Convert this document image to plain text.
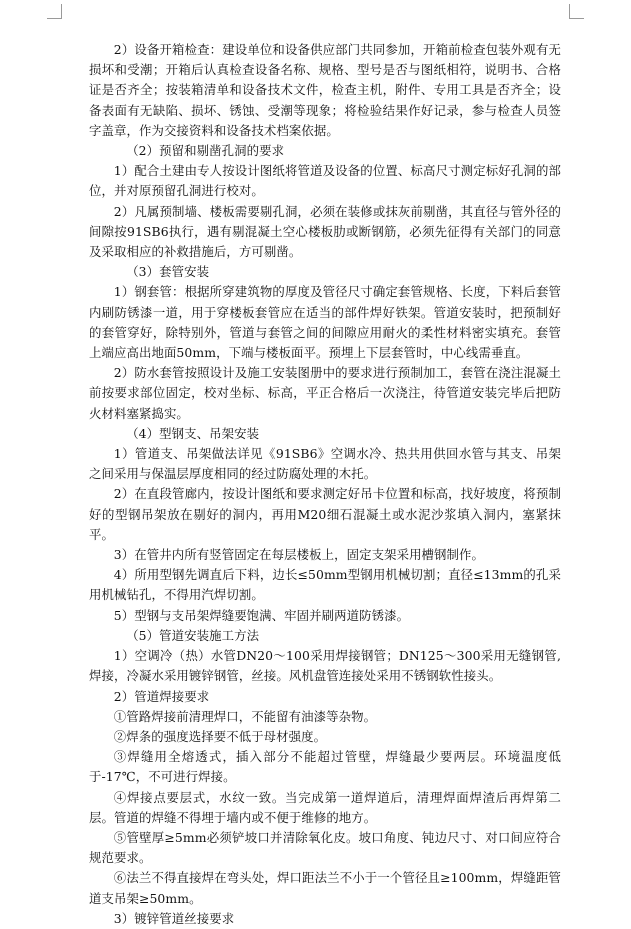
2）设备开箱检查：建设单位和设备供应部门共同参加，开箱前检查包装外观有无损坏和受潮；开箱后认真检查设备名称、规格、型号是否与图纸相符，说明书、合格证是否齐全；按装箱清单和设备技术文件，检查主机，附件、专用工具是否齐全；设备表面有无缺陷、损坏、锈蚀、受潮等现象；将检验结果作好记录，参与检查人员签字盖章，作为交接资料和设备技术档案依据。

（2）预留和剔凿孔洞的要求

1）配合土建由专人按设计图纸将管道及设备的位置、标高尺寸测定标好孔洞的部位，并对原预留孔洞进行校对。

2）凡属预制墙、楼板需要剔孔洞，必须在装修或抹灰前剔凿，其直径与管外径的间隙按91SB6执行，遇有剔混凝土空心楼板肋或断钢筋，必须先征得有关部门的同意及采取相应的补救措施后，方可剔凿。

（3）套管安装

1）钢套管：根据所穿建筑物的厚度及管径尺寸确定套管规格、长度，下料后套管内刷防锈漆一道，用于穿楼板套管应在适当的部件焊好铁架。管道安装时，把预制好的套管穿好，除特别外，管道与套管之间的间隙应用耐火的柔性材料密实填充。套管上端应高出地面50mm，下端与楼板面平。预埋上下层套管时，中心线需垂直。

2）防水套管按照设计及施工安装图册中的要求进行预制加工，套管在浇注混凝土前按要求部位固定，校对坐标、标高，平正合格后一次浇注，待管道安装完毕后把防火材料塞紧捣实。

（4）型钢支、吊架安装

1）管道支、吊架做法详见《91SB6》空调水冷、热共用供回水管与其支、吊架之间采用与保温层厚度相同的经过防腐处理的木托。

2）在直段管廊内，按设计图纸和要求测定好吊卡位置和标高，找好坡度，将预制好的型钢吊架放在剔好的洞内，再用M20细石混凝土或水泥沙浆填入洞内，塞紧抹平。

3）在管井内所有竖管固定在每层楼板上，固定支架采用槽钢制作。

4）所用型钢先调直后下料，边长≤50mm型钢用机械切割；直径≤13mm的孔采用机械钻孔，不得用汽焊切割。

5）型钢与支吊架焊缝要饱满、牢固并刷两道防锈漆。

（5）管道安装施工方法

1）空调冷（热）水管DN20～100采用焊接钢管；DN125～300采用无缝钢管,焊接，冷凝水采用镀锌钢管，丝接。风机盘管连接处采用不锈钢软性接头。

2）管道焊接要求

①管路焊接前清理焊口，不能留有油漆等杂物。

②焊条的强度选择要不低于母材强度。

③焊缝用全熔透式，插入部分不能超过管壁，焊缝最少要两层。环境温度低于-17℃，不可进行焊接。

④焊接点要层式，水纹一致。当完成第一道焊道后，清理焊面焊渣后再焊第二层。管道的焊缝不得埋于墙内或不便于维修的地方。

⑤管壁厚≥5mm必须铲坡口并清除氧化皮。坡口角度、钝边尺寸、对口间应符合规范要求。

⑥法兰不得直接焊在弯头处，焊口距法兰不小于一个管径且≥100mm，焊缝距管道支吊架≥50mm。

3）镀锌管道丝接要求
